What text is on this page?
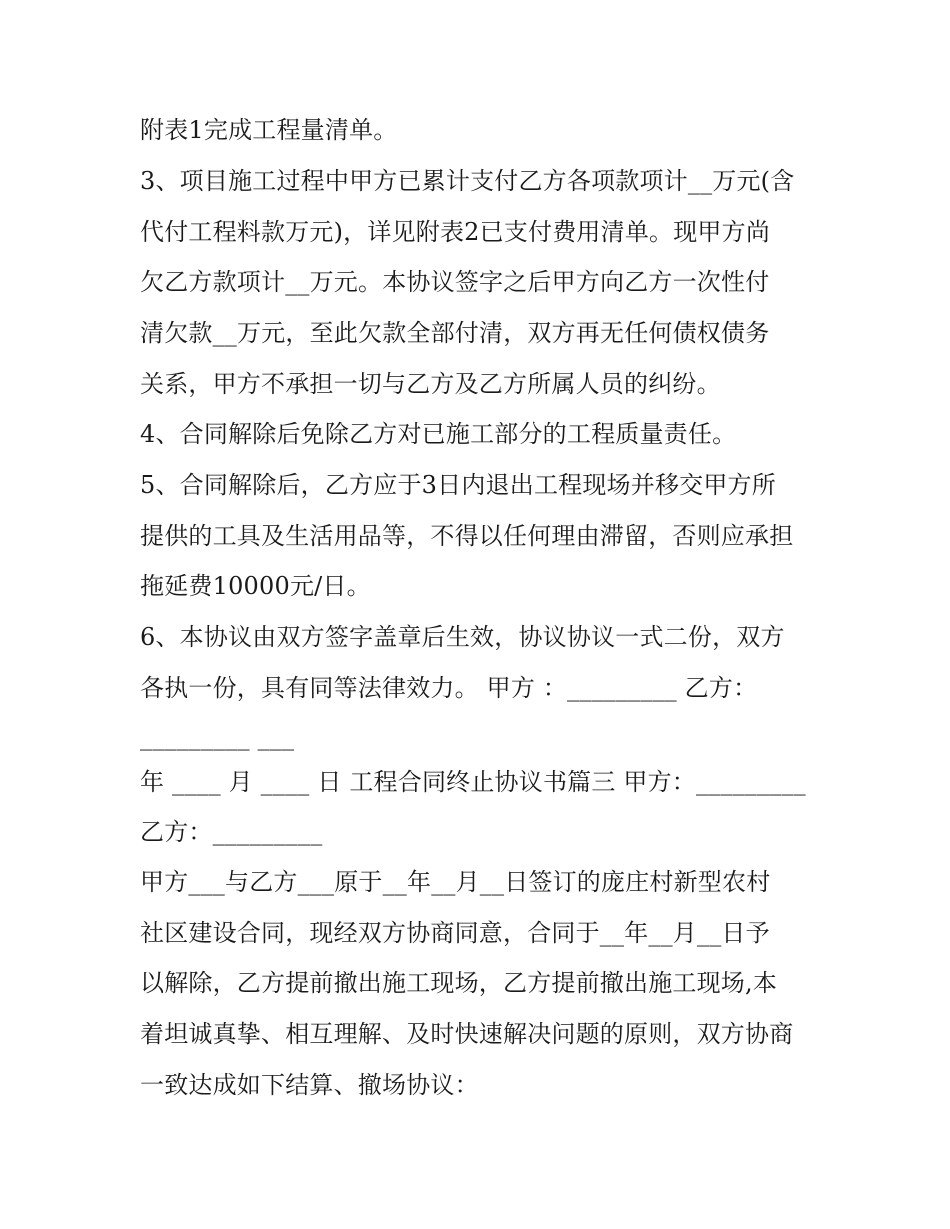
附表1完成工程量清单。
3、项目施工过程中甲方已累计支付乙方各项款项计__万元(含
代付工程料款万元)，详见附表2已支付费用清单。现甲方尚
欠乙方款项计__万元。本协议签字之后甲方向乙方一次性付
清欠款__万元，至此欠款全部付清，双方再无任何债权债务
关系，甲方不承担一切与乙方及乙方所属人员的纠纷。
4、合同解除后免除乙方对已施工部分的工程质量责任。
5、合同解除后，乙方应于3日内退出工程现场并移交甲方所
提供的工具及生活用品等，不得以任何理由滞留，否则应承担
拖延费10000元/日。
6、本协议由双方签字盖章后生效，协议协议一式二份，双方
各执一份，具有同等法律效力。 甲方 ：_________ 乙方：
_________ ___
年 ____ 月 ____ 日 工程合同终止协议书篇三 甲方：_________
乙方：_________
甲方___与乙方___原于__年__月__日签订的庞庄村新型农村
社区建设合同，现经双方协商同意，合同于__年__月__日予
以解除，乙方提前撤出施工现场，乙方提前撤出施工现场,本
着坦诚真挚、相互理解、及时快速解决问题的原则，双方协商
一致达成如下结算、撤场协议：
